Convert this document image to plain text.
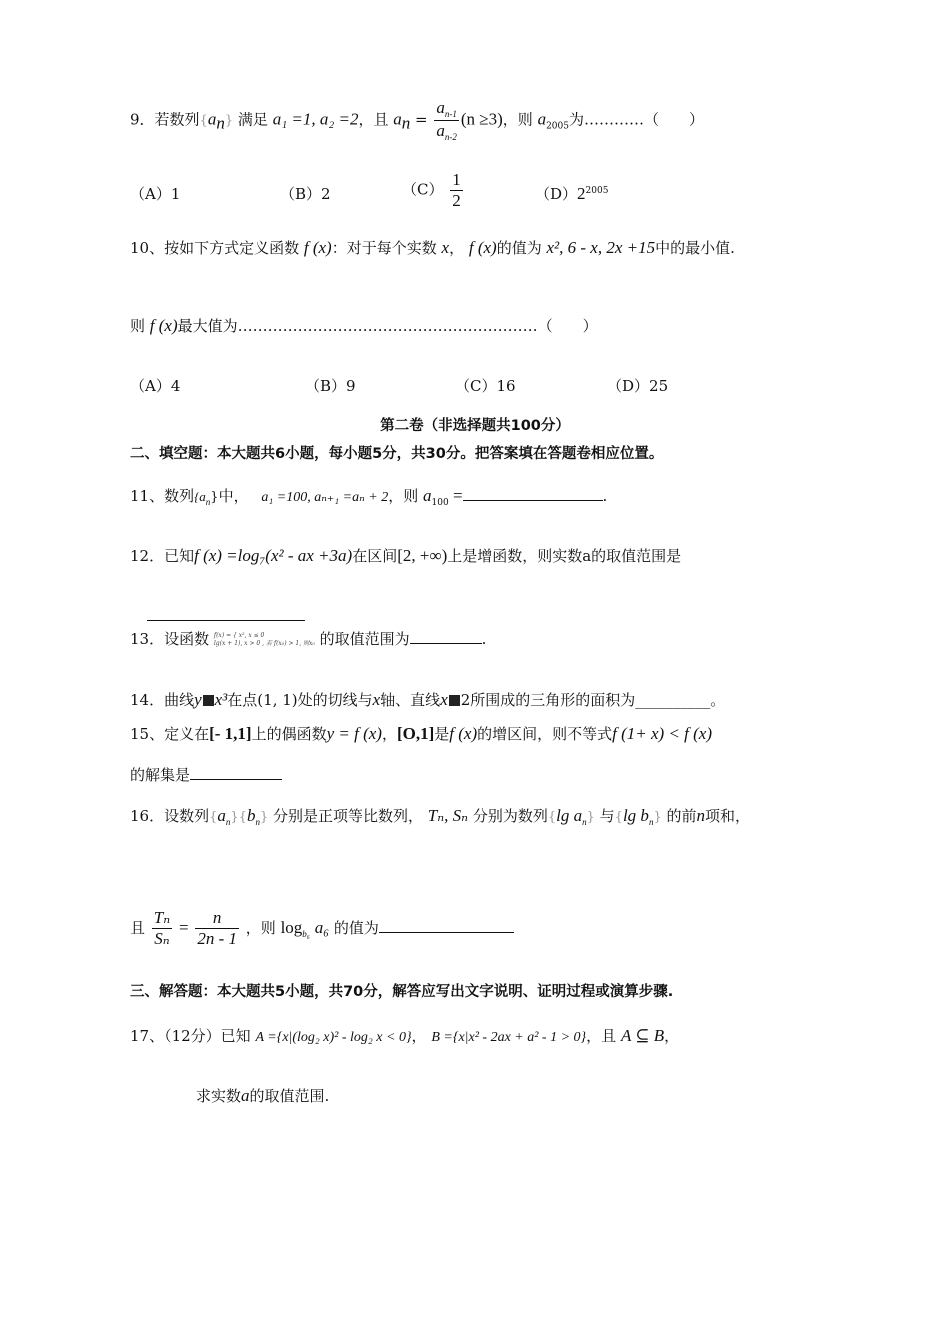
9．若数列$\{a_n\}$ 满足 a₁ =1, a₂ =2，且 $a_n = \frac{a_{n-1}}{a_{n-2}} (n \ge 3)$，则 $a_{2005}$为…………（　　）
（A）1	（B）2	$(C) \frac{1}{2}$	$(D)2^{2005}$
10、按如下方式定义函数 f (x)：对于每个实数 x， f (x)的值为 x², 6 - x, 2x +15中的最小值.
则 f (x)最大值为……………………………………………………（　　）
（A）4	（B）9	（C）16	（D）25
第二卷（非选择题共100分）
二、填空题：本大题共6小题，每小题5分，共30分。把答案填在答题卷相应位置。
11、数列$\{a_n\}$中， a₁ =100, aₙ₊₁ =aₙ + 2，则 $a_{100}$ =	.
12．已知f (x) =log₇(x² - ax +3a)在区间[2, +∞)上是增函数，则实数a的取值范围是
13．设函数 f(x) = { x², x ≤ 0
lg(x + 1), x > 0 , 若 f(x₀) > 1, 则x₀ 的取值范围为	.
14．曲线y x³在点(1, 1)处的切线与x轴、直线x 2所围成的三角形的面积为__________。
15、定义在[- 1,1]上的偶函数y = f (x)，[O,1]是f (x)的增区间，则不等式f (1+ x) < f (x)
的解集是
16．设数列$\{a_n\}\{b_n\}$ 分别是正项等比数列， Tₙ, Sₙ 分别为数列{lg $a_n$} 与{lg $b_n$} 的前n项和，
且 $\frac{\text{Tₙ}}{\text{Sₙ}} = \frac{n}{2n - 1}$ ，则 $\log_{b_6} a_6$ 的值为
三、解答题：本大题共5小题，共70分，解答应写出文字说明、证明过程或演算步骤.
17、（12分）已知 A ={x|(log₂ x)² - log₂ x < 0}， B ={x|x² - 2ax + a² - 1 > 0}，且 A ⊆ B，
求实数a的取值范围.
